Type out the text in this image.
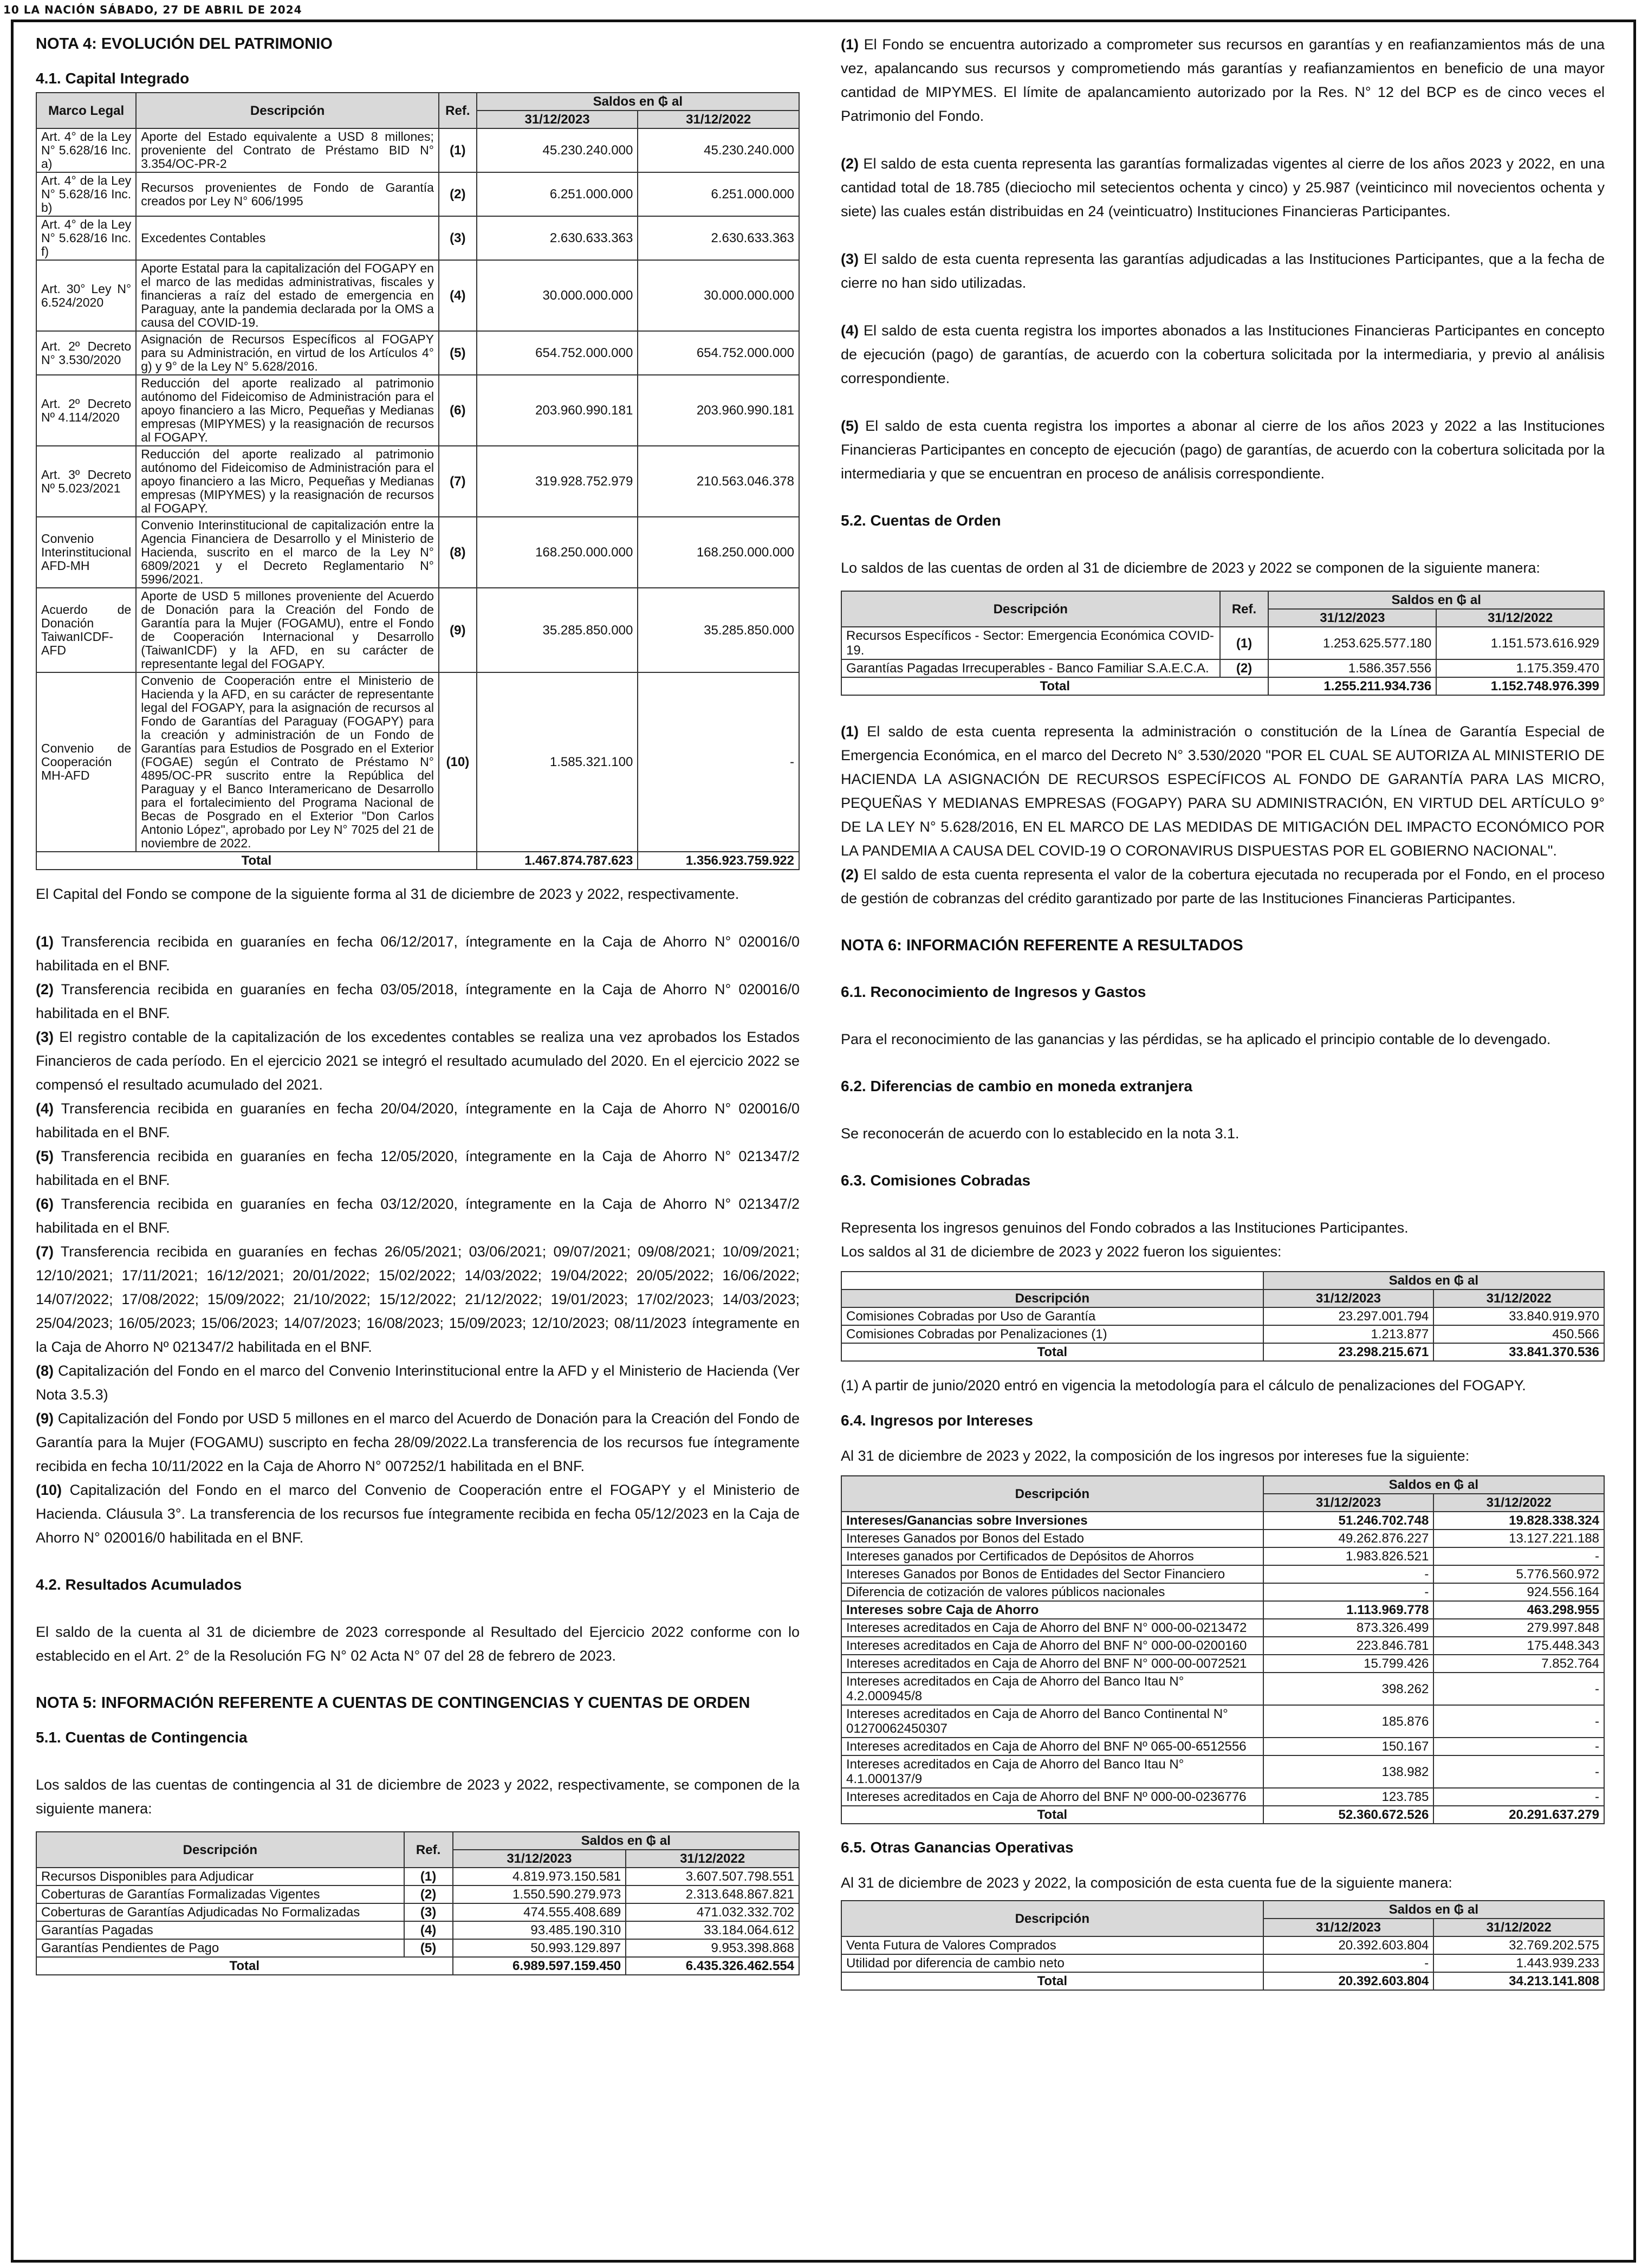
10 LA NACIÓN SÁBADO, 27 DE ABRIL DE 2024
NOTA 4: EVOLUCIÓN DEL PATRIMONIO
4.1. Capital Integrado
Marco Legal	Descripción	Ref.	Saldos en ₲ al	
			31/12/2023	31/12/2022
Art. 4° de la Ley N° 5.628/16 Inc. a)	Aporte del Estado equivalente a USD 8 millones; proveniente del Contrato de Préstamo BID N° 3.354/OC-PR-2	(1)	45.230.240.000	45.230.240.000
Art. 4° de la Ley N° 5.628/16 Inc. b)	Recursos provenientes de Fondo de Garantía creados por Ley N° 606/1995	(2)	6.251.000.000	6.251.000.000
Art. 4° de la Ley N° 5.628/16 Inc. f)	Excedentes Contables	(3)	2.630.633.363	2.630.633.363
Art. 30° Ley N° 6.524/2020	Aporte Estatal para la capitalización del FOGAPY en el marco de las medidas administrativas, fiscales y financieras a raíz del estado de emergencia en Paraguay, ante la pandemia declarada por la OMS a causa del COVID-19.	(4)	30.000.000.000	30.000.000.000
Art. 2º Decreto N° 3.530/2020	Asignación de Recursos Específicos al FOGAPY para su Administración, en virtud de los Artículos 4° g) y 9° de la Ley N° 5.628/2016.	(5)	654.752.000.000	654.752.000.000
Art. 2º Decreto Nº 4.114/2020	Reducción del aporte realizado al patrimonio autónomo del Fideicomiso de Administración para el apoyo financiero a las Micro, Pequeñas y Medianas empresas (MIPYMES) y la reasignación de recursos al FOGAPY.	(6)	203.960.990.181	203.960.990.181
Art. 3º Decreto Nº 5.023/2021	Reducción del aporte realizado al patrimonio autónomo del Fideicomiso de Administración para el apoyo financiero a las Micro, Pequeñas y Medianas empresas (MIPYMES) y la reasignación de recursos al FOGAPY.	(7)	319.928.752.979	210.563.046.378
Convenio Interinstitucional AFD-MH	Convenio Interinstitucional de capitalización entre la Agencia Financiera de Desarrollo y el Ministerio de Hacienda, suscrito en el marco de la Ley N° 6809/2021 y el Decreto Reglamentario N° 5996/2021.	(8)	168.250.000.000	168.250.000.000
Acuerdo de Donación TaiwanICDF-AFD	Aporte de USD 5 millones proveniente del Acuerdo de Donación para la Creación del Fondo de Garantía para la Mujer (FOGAMU), entre el Fondo de Cooperación Internacional y Desarrollo (TaiwanICDF) y la AFD, en su carácter de representante legal del FOGAPY.	(9)	35.285.850.000	35.285.850.000
Convenio de Cooperación MH-AFD	Convenio de Cooperación entre el Ministerio de Hacienda y la AFD, en su carácter de representante legal del FOGAPY, para la asignación de recursos al Fondo de Garantías del Paraguay (FOGAPY) para la creación y administración de un Fondo de Garantías para Estudios de Posgrado en el Exterior (FOGAE) según el Contrato de Préstamo N° 4895/OC-PR suscrito entre la República del Paraguay y el Banco Interamericano de Desarrollo para el fortalecimiento del Programa Nacional de Becas de Posgrado en el Exterior "Don Carlos Antonio López", aprobado por Ley N° 7025 del 21 de noviembre de 2022.	(10)	1.585.321.100	-
Total			1.467.874.787.623	1.356.923.759.922

El Capital del Fondo se compone de la siguiente forma al 31 de diciembre de 2023 y 2022, respectivamente.

(1) Transferencia recibida en guaraníes en fecha 06/12/2017, íntegramente en la Caja de Ahorro N° 020016/0 habilitada en el BNF.

(2) Transferencia recibida en guaraníes en fecha 03/05/2018, íntegramente en la Caja de Ahorro N° 020016/0 habilitada en el BNF.

(3) El registro contable de la capitalización de los excedentes contables se realiza una vez aprobados los Estados Financieros de cada período. En el ejercicio 2021 se integró el resultado acumulado del 2020. En el ejercicio 2022 se compensó el resultado acumulado del 2021.

(4) Transferencia recibida en guaraníes en fecha 20/04/2020, íntegramente en la Caja de Ahorro N° 020016/0 habilitada en el BNF.

(5) Transferencia recibida en guaraníes en fecha 12/05/2020, íntegramente en la Caja de Ahorro N° 021347/2 habilitada en el BNF.

(6) Transferencia recibida en guaraníes en fecha 03/12/2020, íntegramente en la Caja de Ahorro N° 021347/2 habilitada en el BNF.

(7) Transferencia recibida en guaraníes en fechas 26/05/2021; 03/06/2021; 09/07/2021; 09/08/2021; 10/09/2021; 12/10/2021; 17/11/2021; 16/12/2021; 20/01/2022; 15/02/2022; 14/03/2022; 19/04/2022; 20/05/2022; 16/06/2022; 14/07/2022; 17/08/2022; 15/09/2022; 21/10/2022; 15/12/2022; 21/12/2022; 19/01/2023; 17/02/2023; 14/03/2023; 25/04/2023; 16/05/2023; 15/06/2023; 14/07/2023; 16/08/2023; 15/09/2023; 12/10/2023; 08/11/2023 íntegramente en la Caja de Ahorro Nº 021347/2 habilitada en el BNF.

(8) Capitalización del Fondo en el marco del Convenio Interinstitucional entre la AFD y el Ministerio de Hacienda (Ver Nota 3.5.3)

(9) Capitalización del Fondo por USD 5 millones en el marco del Acuerdo de Donación para la Creación del Fondo de Garantía para la Mujer (FOGAMU) suscripto en fecha 28/09/2022.La transferencia de los recursos fue íntegramente recibida en fecha 10/11/2022 en la Caja de Ahorro N° 007252/1 habilitada en el BNF.

(10) Capitalización del Fondo en el marco del Convenio de Cooperación entre el FOGAPY y el Ministerio de Hacienda. Cláusula 3°. La transferencia de los recursos fue íntegramente recibida en fecha 05/12/2023 en la Caja de Ahorro N° 020016/0 habilitada en el BNF.

4.2. Resultados Acumulados

El saldo de la cuenta al 31 de diciembre de 2023 corresponde al Resultado del Ejercicio 2022 conforme con lo establecido en el Art. 2° de la Resolución FG N° 02 Acta N° 07 del 28 de febrero de 2023.

NOTA 5: INFORMACIÓN REFERENTE A CUENTAS DE CONTINGENCIAS Y CUENTAS DE ORDEN
5.1. Cuentas de Contingencia

Los saldos de las cuentas de contingencia al 31 de diciembre de 2023 y 2022, respectivamente, se componen de la siguiente manera:

Descripción	Ref.	Saldos en ₲ al	
		31/12/2023	31/12/2022
Recursos Disponibles para Adjudicar	(1)	4.819.973.150.581	3.607.507.798.551
Coberturas de Garantías Formalizadas Vigentes	(2)	1.550.590.279.973	2.313.648.867.821
Coberturas de Garantías Adjudicadas No Formalizadas	(3)	474.555.408.689	471.032.332.702
Garantías Pagadas	(4)	93.485.190.310	33.184.064.612
Garantías Pendientes de Pago	(5)	50.993.129.897	9.953.398.868
Total		6.989.597.159.450	6.435.326.462.554

(1) El Fondo se encuentra autorizado a comprometer sus recursos en garantías y en reafianzamientos más de una vez, apalancando sus recursos y comprometiendo más garantías y reafianzamientos en beneficio de una mayor cantidad de MIPYMES. El límite de apalancamiento autorizado por la Res. N° 12 del BCP es de cinco veces el Patrimonio del Fondo.

(2) El saldo de esta cuenta representa las garantías formalizadas vigentes al cierre de los años 2023 y 2022, en una cantidad total de 18.785 (dieciocho mil setecientos ochenta y cinco) y 25.987 (veinticinco mil novecientos ochenta y siete) las cuales están distribuidas en 24 (veinticuatro) Instituciones Financieras Participantes.

(3) El saldo de esta cuenta representa las garantías adjudicadas a las Instituciones Participantes, que a la fecha de cierre no han sido utilizadas.

(4) El saldo de esta cuenta registra los importes abonados a las Instituciones Financieras Participantes en concepto de ejecución (pago) de garantías, de acuerdo con la cobertura solicitada por la intermediaria, y previo al análisis correspondiente.

(5) El saldo de esta cuenta registra los importes a abonar al cierre de los años 2023 y 2022 a las Instituciones Financieras Participantes en concepto de ejecución (pago) de garantías, de acuerdo con la cobertura solicitada por la intermediaria y que se encuentran en proceso de análisis correspondiente.

5.2. Cuentas de Orden

Lo saldos de las cuentas de orden al 31 de diciembre de 2023 y 2022 se componen de la siguiente manera:

Descripción	Ref.	Saldos en ₲ al	
		31/12/2023	31/12/2022
Recursos Específicos - Sector: Emergencia Económica COVID-19.	(1)	1.253.625.577.180	1.151.573.616.929
Garantías Pagadas Irrecuperables - Banco Familiar S.A.E.C.A.	(2)	1.586.357.556	1.175.359.470
Total		1.255.211.934.736	1.152.748.976.399

(1) El saldo de esta cuenta representa la administración o constitución de la Línea de Garantía Especial de Emergencia Económica, en el marco del Decreto N° 3.530/2020 "POR EL CUAL SE AUTORIZA AL MINISTERIO DE HACIENDA LA ASIGNACIÓN DE RECURSOS ESPECÍFICOS AL FONDO DE GARANTÍA PARA LAS MICRO, PEQUEÑAS Y MEDIANAS EMPRESAS (FOGAPY) PARA SU ADMINISTRACIÓN, EN VIRTUD DEL ARTÍCULO 9° DE LA LEY N° 5.628/2016, EN EL MARCO DE LAS MEDIDAS DE MITIGACIÓN DEL IMPACTO ECONÓMICO POR LA PANDEMIA A CAUSA DEL COVID-19 O CORONAVIRUS DISPUESTAS POR EL GOBIERNO NACIONAL".

(2) El saldo de esta cuenta representa el valor de la cobertura ejecutada no recuperada por el Fondo, en el proceso de gestión de cobranzas del crédito garantizado por parte de las Instituciones Financieras Participantes.

NOTA 6: INFORMACIÓN REFERENTE A RESULTADOS
6.1. Reconocimiento de Ingresos y Gastos

Para el reconocimiento de las ganancias y las pérdidas, se ha aplicado el principio contable de lo devengado.

6.2. Diferencias de cambio en moneda extranjera

Se reconocerán de acuerdo con lo establecido en la nota 3.1.

6.3. Comisiones Cobradas

Representa los ingresos genuinos del Fondo cobrados a las Instituciones Participantes.

Los saldos al 31 de diciembre de 2023 y 2022 fueron los siguientes:

	Saldos en ₲ al	
Descripción	31/12/2023	31/12/2022
Comisiones Cobradas por Uso de Garantía	23.297.001.794	33.840.919.970
Comisiones Cobradas por Penalizaciones (1)	1.213.877	450.566
Total	23.298.215.671	33.841.370.536

(1) A partir de junio/2020 entró en vigencia la metodología para el cálculo de penalizaciones del FOGAPY.

6.4. Ingresos por Intereses

Al 31 de diciembre de 2023 y 2022, la composición de los ingresos por intereses fue la siguiente:

Descripción	Saldos en ₲ al	
	31/12/2023	31/12/2022
Intereses/Ganancias sobre Inversiones	51.246.702.748	19.828.338.324
Intereses Ganados por Bonos del Estado	49.262.876.227	13.127.221.188
Intereses ganados por Certificados de Depósitos de Ahorros	1.983.826.521	-
Intereses Ganados por Bonos de Entidades del Sector Financiero	-	5.776.560.972
Diferencia de cotización de valores públicos nacionales	-	924.556.164
Intereses sobre Caja de Ahorro	1.113.969.778	463.298.955
Intereses acreditados en Caja de Ahorro del BNF N° 000-00-0213472	873.326.499	279.997.848
Intereses acreditados en Caja de Ahorro del BNF N° 000-00-0200160	223.846.781	175.448.343
Intereses acreditados en Caja de Ahorro del BNF N° 000-00-0072521	15.799.426	7.852.764
Intereses acreditados en Caja de Ahorro del Banco Itau N° 4.2.000945/8	398.262	-
Intereses acreditados en Caja de Ahorro del Banco Continental N° 01270062450307	185.876	-
Intereses acreditados en Caja de Ahorro del BNF Nº 065-00-6512556	150.167	-
Intereses acreditados en Caja de Ahorro del Banco Itau N° 4.1.000137/9	138.982	-
Intereses acreditados en Caja de Ahorro del BNF Nº 000-00-0236776	123.785	-
Total	52.360.672.526	20.291.637.279
6.5. Otras Ganancias Operativas

Al 31 de diciembre de 2023 y 2022, la composición de esta cuenta fue de la siguiente manera:

Descripción	Saldos en ₲ al	
	31/12/2023	31/12/2022
Venta Futura de Valores Comprados	20.392.603.804	32.769.202.575
Utilidad por diferencia de cambio neto	-	1.443.939.233
Total	20.392.603.804	34.213.141.808
